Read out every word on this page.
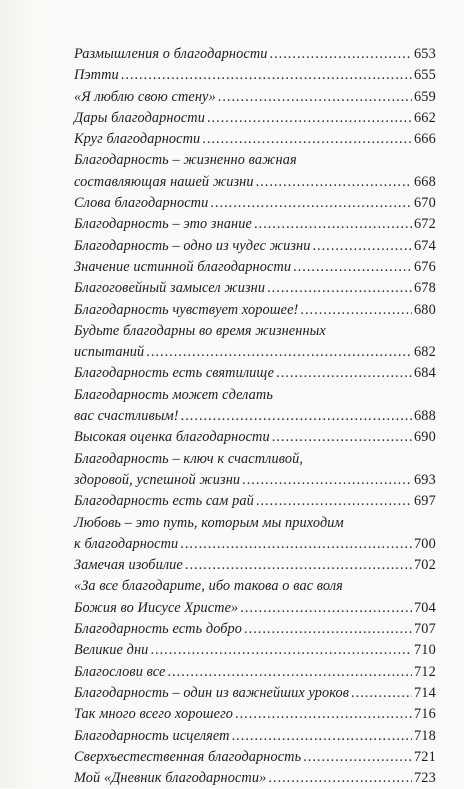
Размышления о благодарности .....	653
Пэтти .....	655
«Я люблю свою стену» .....	659
Дары благодарности .....	662
Круг благодарности .....	666
Благодарность – жизненно важная
составляющая нашей жизни .....	668
Слова благодарности .....	670
Благодарность – это знание .....	672
Благодарность – одно из чудес жизни .....	674
Значение истинной благодарности .....	676
Благоговейный замысел жизни .....	678
Благодарность чувствует хорошее! .....	680
Будьте благодарны во время жизненных
испытаний .....	682
Благодарность есть святилище .....	684
Благодарность может сделать
вас счастливым! .....	688
Высокая оценка благодарности .....	690
Благодарность – ключ к счастливой,
здоровой, успешной жизни .....	693
Благодарность есть сам рай .....	697
Любовь – это путь, которым мы приходим
к благодарности .....	700
Замечая изобилие .....	702
«За все благодарите, ибо такова о вас воля
Божия во Иисусе Христе» .....	704
Благодарность есть добро .....	707
Великие дни .....	710
Благослови все .....	712
Благодарность – один из важнейших уроков .....	714
Так много всего хорошего .....	716
Благодарность исцеляет .....	718
Сверхъестественная благодарность .....	721
Мой «Дневник благодарности» .....	723
